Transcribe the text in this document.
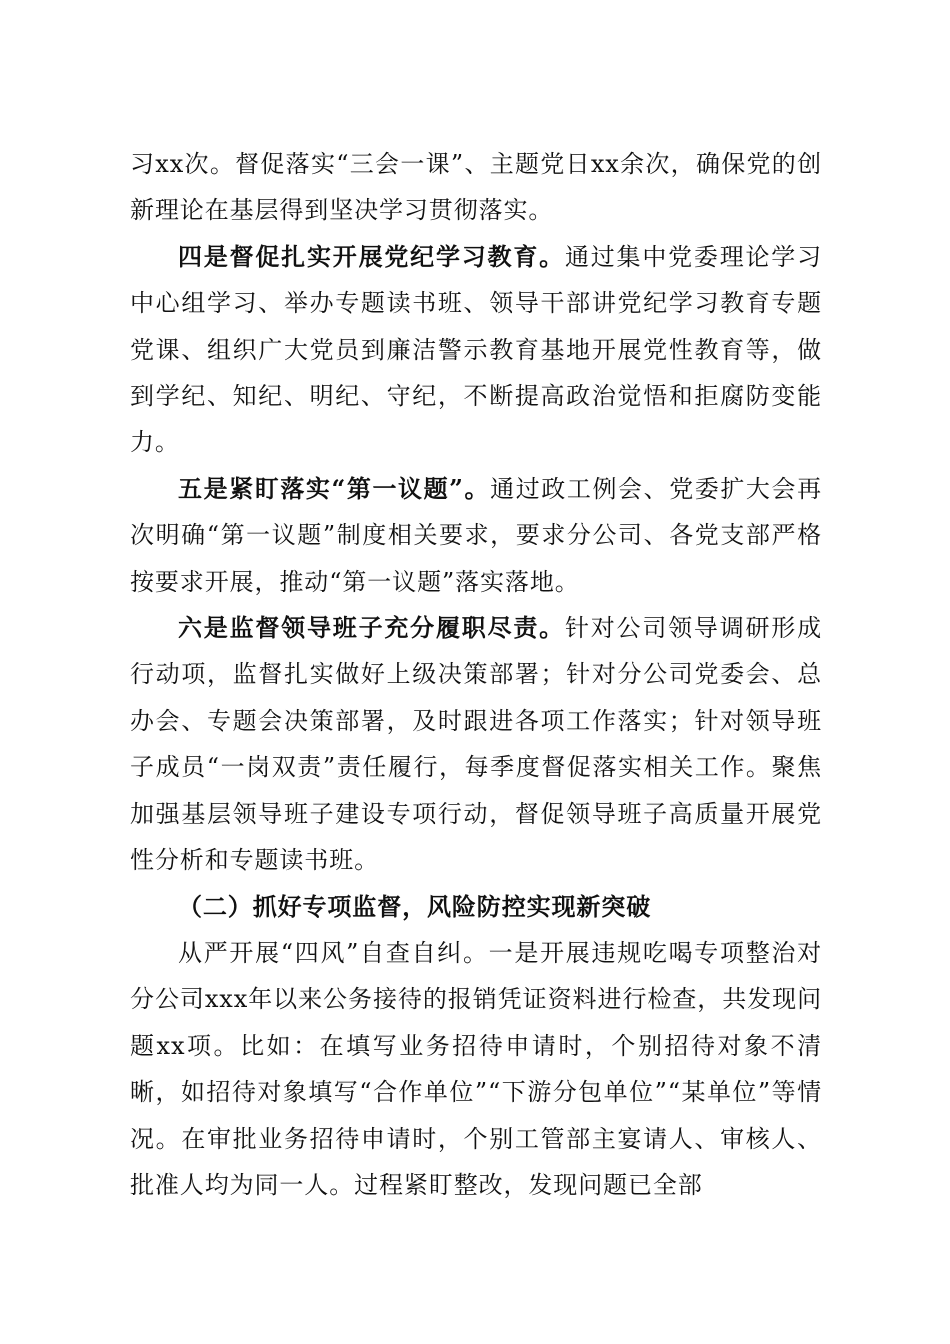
习xx次。督促落实“三会一课”、主题党日xx余次，确保党的创新理论在基层得到坚决学习贯彻落实。

四是督促扎实开展党纪学习教育。通过集中党委理论学习中心组学习、举办专题读书班、领导干部讲党纪学习教育专题党课、组织广大党员到廉洁警示教育基地开展党性教育等，做到学纪、知纪、明纪、守纪，不断提高政治觉悟和拒腐防变能力。

五是紧盯落实“第一议题”。通过政工例会、党委扩大会再次明确“第一议题”制度相关要求，要求分公司、各党支部严格按要求开展，推动“第一议题”落实落地。

六是监督领导班子充分履职尽责。针对公司领导调研形成行动项，监督扎实做好上级决策部署；针对分公司党委会、总办会、专题会决策部署，及时跟进各项工作落实；针对领导班子成员“一岗双责”责任履行，每季度督促落实相关工作。聚焦加强基层领导班子建设专项行动，督促领导班子高质量开展党性分析和专题读书班。

（二）抓好专项监督，风险防控实现新突破

从严开展“四风”自查自纠。一是开展违规吃喝专项整治对分公司xxx年以来公务接待的报销凭证资料进行检查，共发现问题xx项。比如：在填写业务招待申请时，个别招待对象不清晰，如招待对象填写“合作单位”“下游分包单位”“某单位”等情况。在审批业务招待申请时，个别工管部主宴请人、审核人、批准人均为同一人。过程紧盯整改，发现问题已全部
